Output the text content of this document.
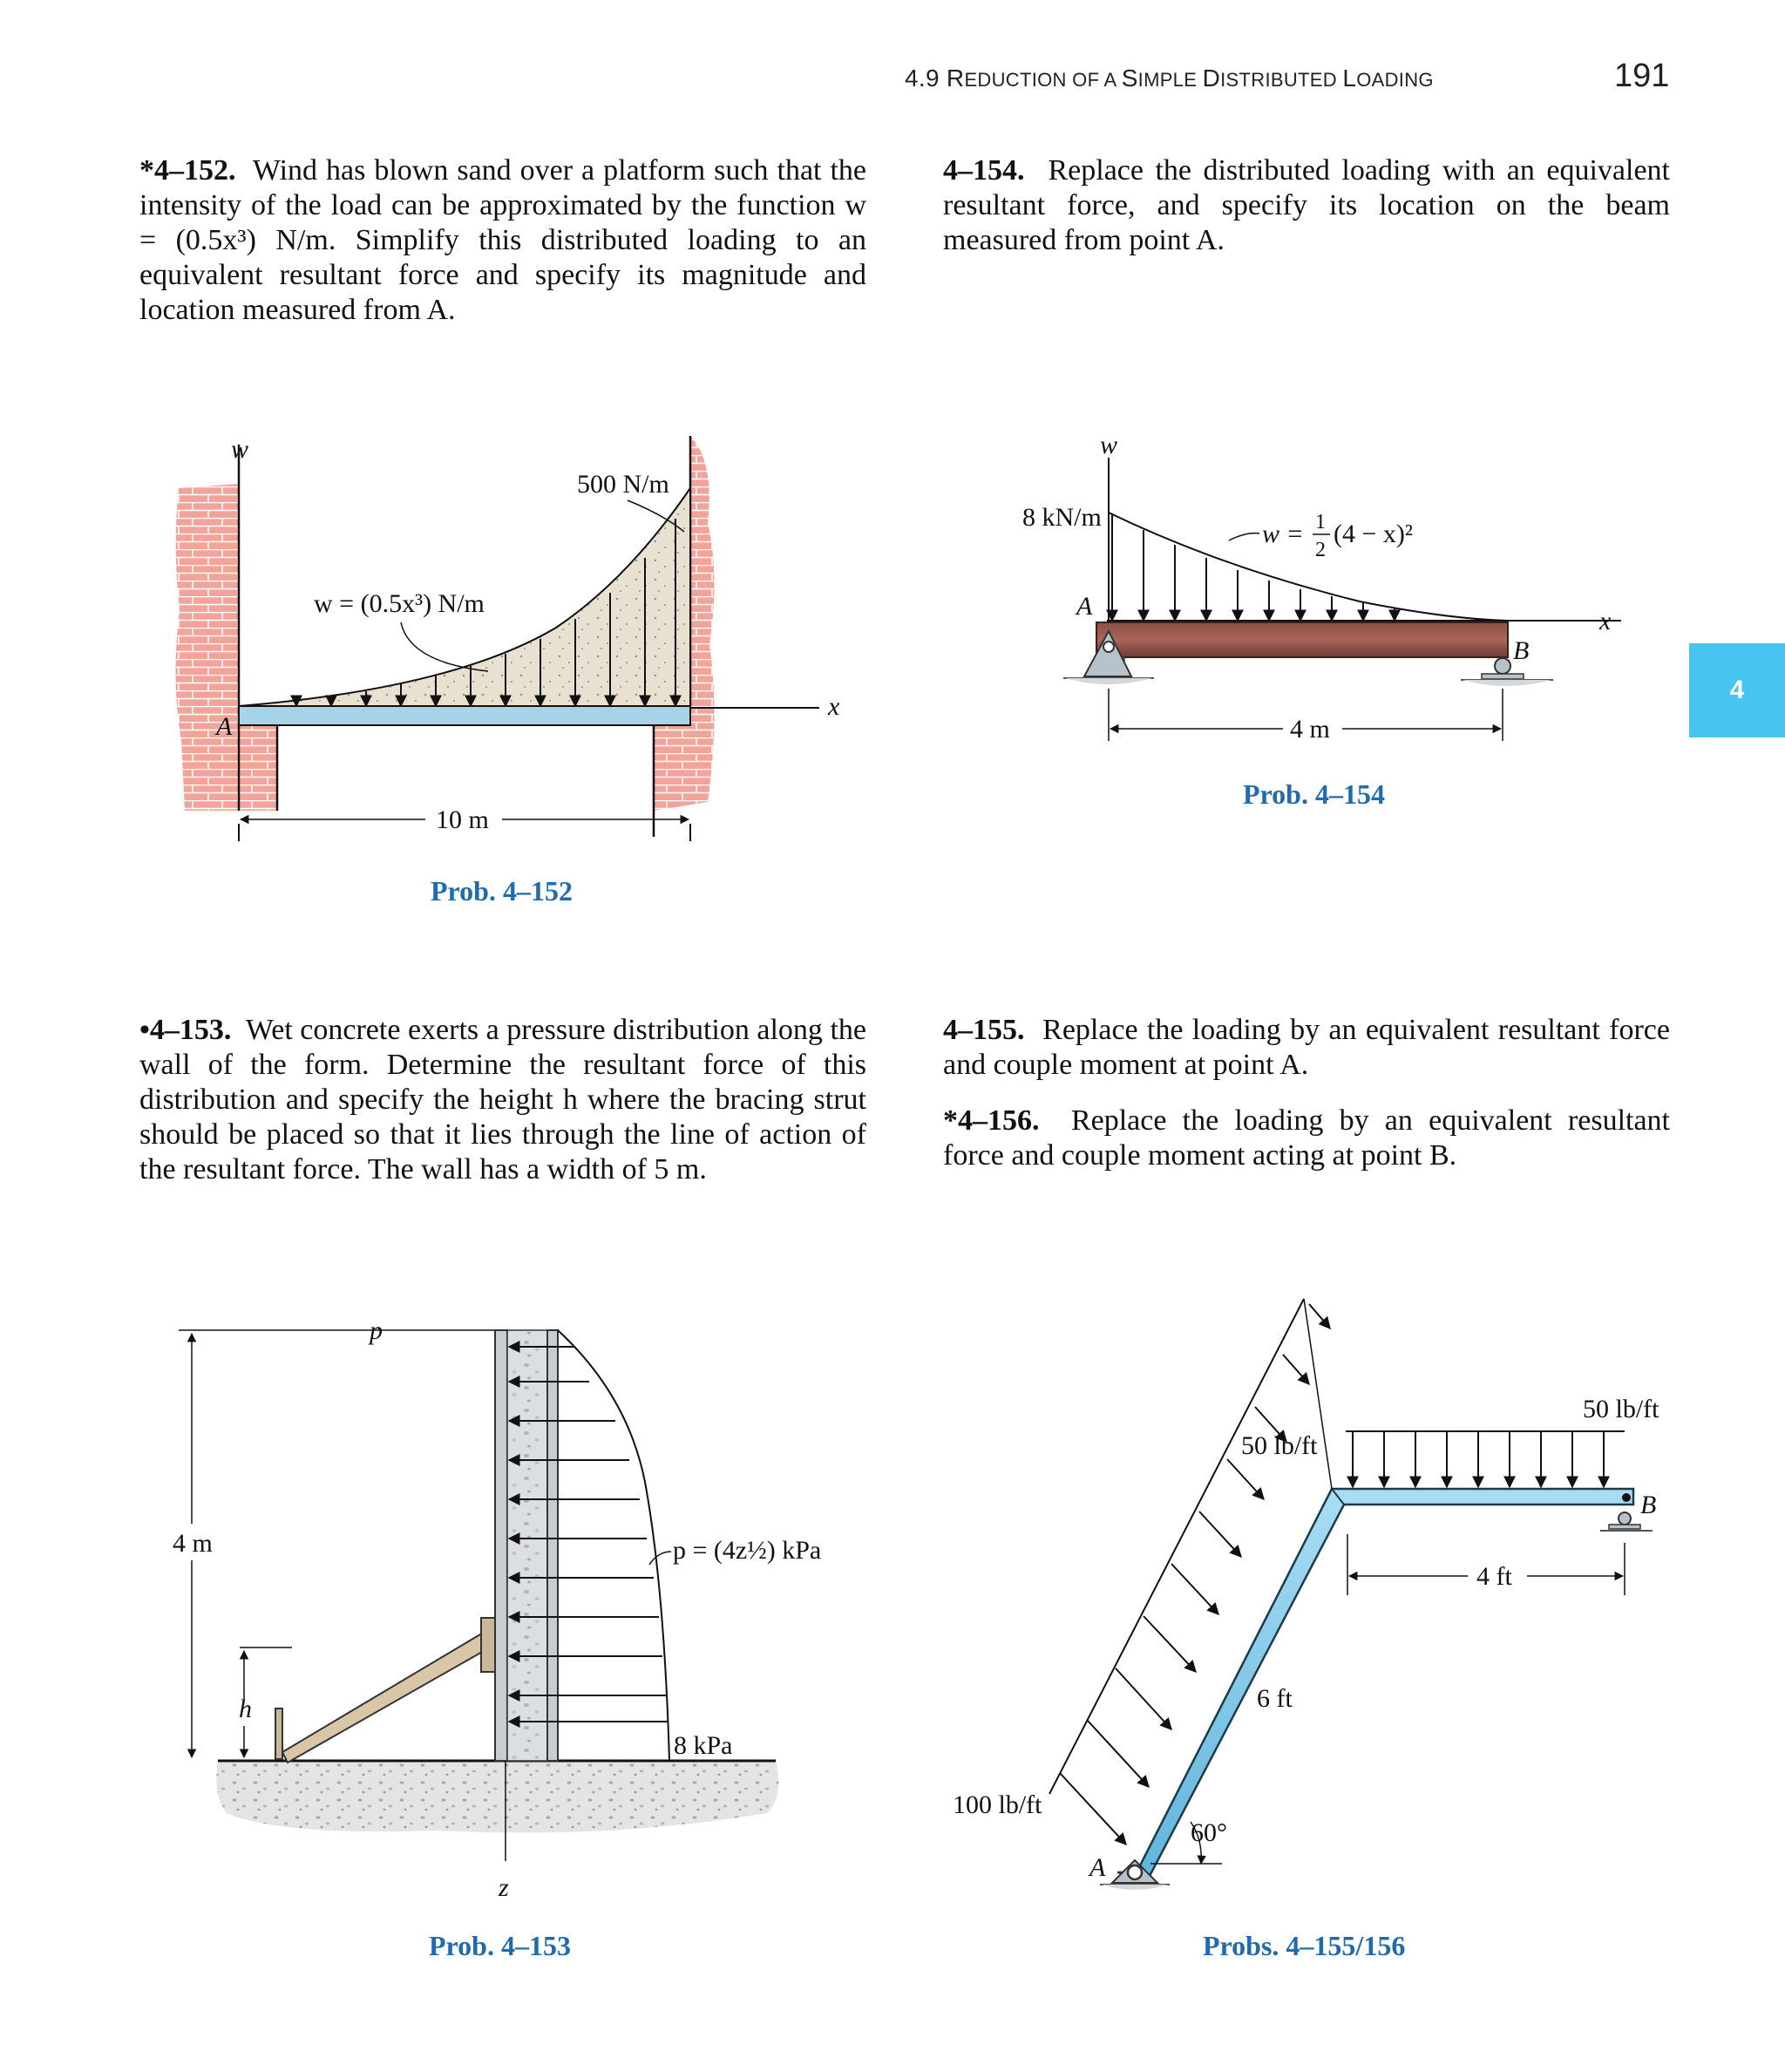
4.9 REDUCTION OF A SIMPLE DISTRIBUTED LOADING	191
4
*4–152. Wind has blown sand over a platform such that the intensity of the load can be approximated by the function w = (0.5x³) N/m. Simplify this distributed loading to an equivalent resultant force and specify its magnitude and location measured from A.
4–154. Replace the distributed loading with an equivalent resultant force, and specify its location on the beam measured from point A.
•4–153. Wet concrete exerts a pressure distribution along the wall of the form. Determine the resultant force of this distribution and specify the height h where the bracing strut should be placed so that it lies through the line of action of the resultant force. The wall has a width of 5 m.
4–155. Replace the loading by an equivalent resultant force and couple moment at point A.
*4–156. Replace the loading by an equivalent resultant force and couple moment acting at point B.
x
w
A
500 N/m
w = (0.5x³) N/m
10 m
Prob. 4–152
w
x
8 kN/m
A
B
w = 1
2
(4 − x)²
4 m
Prob. 4–154
p
4 m
h
z
p = (4z½) kPa
8 kPa
Prob. 4–153
50 lb/ft
50 lb/ft
100 lb/ft
A
B
4 ft
6 ft
60°
Probs. 4–155/156
